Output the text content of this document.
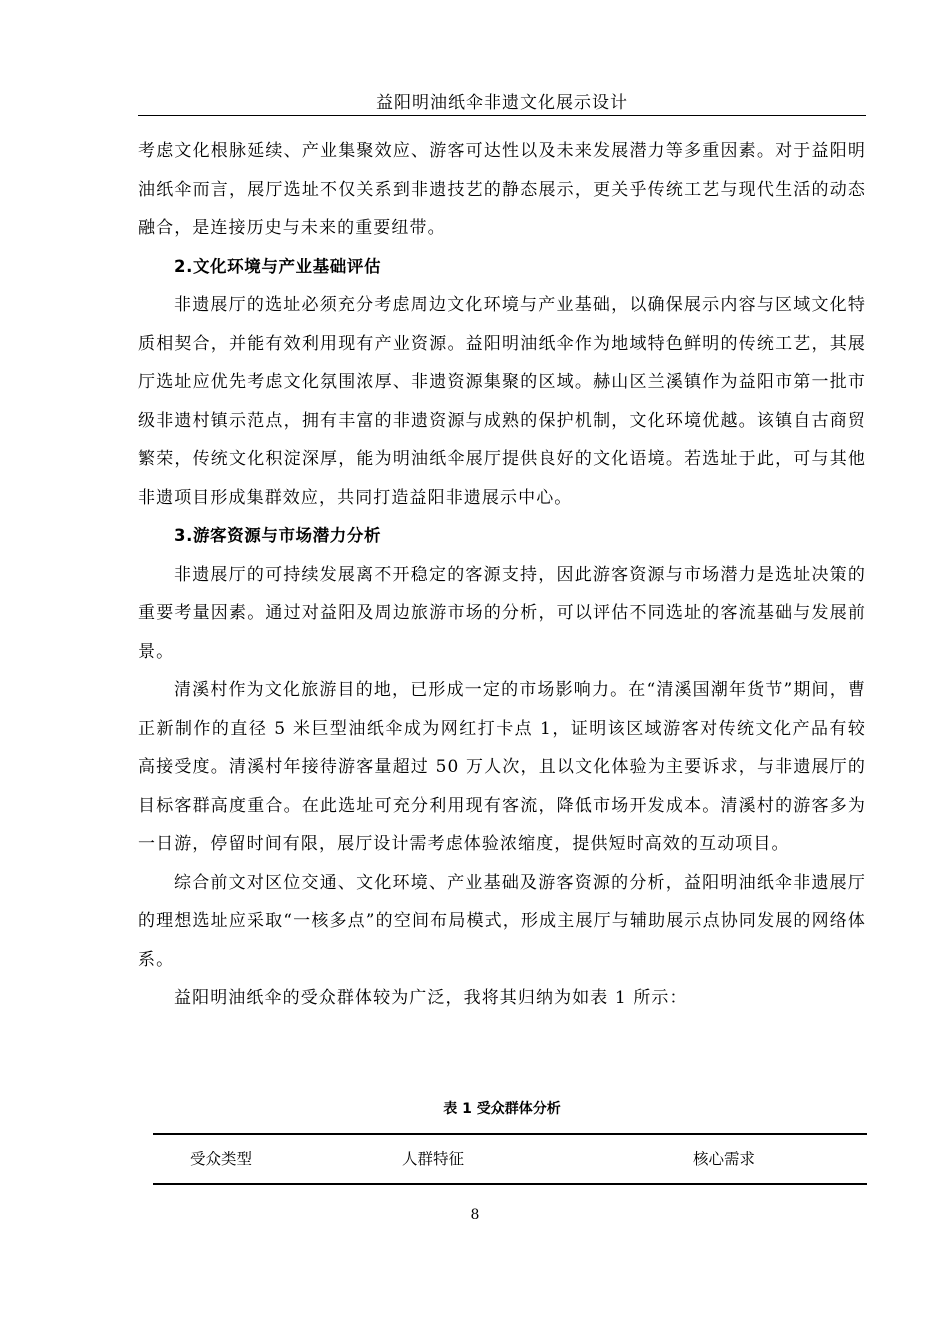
益阳明油纸伞非遗文化展示设计

考虑文化根脉延续、产业集聚效应、游客可达性以及未来发展潜力等多重因素。对于益阳明油纸伞而言，展厅选址不仅关系到非遗技艺的静态展示，更关乎传统工艺与现代生活的动态融合，是连接历史与未来的重要纽带。

2.文化环境与产业基础评估

非遗展厅的选址必须充分考虑周边文化环境与产业基础，以确保展示内容与区域文化特质相契合，并能有效利用现有产业资源。益阳明油纸伞作为地域特色鲜明的传统工艺，其展厅选址应优先考虑文化氛围浓厚、非遗资源集聚的区域。赫山区兰溪镇作为益阳市第一批市级非遗村镇示范点，拥有丰富的非遗资源与成熟的保护机制，文化环境优越。该镇自古商贸繁荣，传统文化积淀深厚，能为明油纸伞展厅提供良好的文化语境。若选址于此，可与其他非遗项目形成集群效应，共同打造益阳非遗展示中心。

3.游客资源与市场潜力分析

非遗展厅的可持续发展离不开稳定的客源支持，因此游客资源与市场潜力是选址决策的重要考量因素。通过对益阳及周边旅游市场的分析，可以评估不同选址的客流基础与发展前景。

清溪村作为文化旅游目的地，已形成一定的市场影响力。在“清溪国潮年货节”期间，曹正新制作的直径 5 米巨型油纸伞成为网红打卡点 1，证明该区域游客对传统文化产品有较高接受度。清溪村年接待游客量超过 50 万人次，且以文化体验为主要诉求，与非遗展厅的目标客群高度重合。在此选址可充分利用现有客流，降低市场开发成本。清溪村的游客多为一日游，停留时间有限，展厅设计需考虑体验浓缩度，提供短时高效的互动项目。

综合前文对区位交通、文化环境、产业基础及游客资源的分析，益阳明油纸伞非遗展厅的理想选址应采取“一核多点”的空间布局模式，形成主展厅与辅助展示点协同发展的网络体系。

益阳明油纸伞的受众群体较为广泛，我将其归纳为如表 1 所示：

表 1 受众群体分析
受众类型	人群特征	核心需求
8
